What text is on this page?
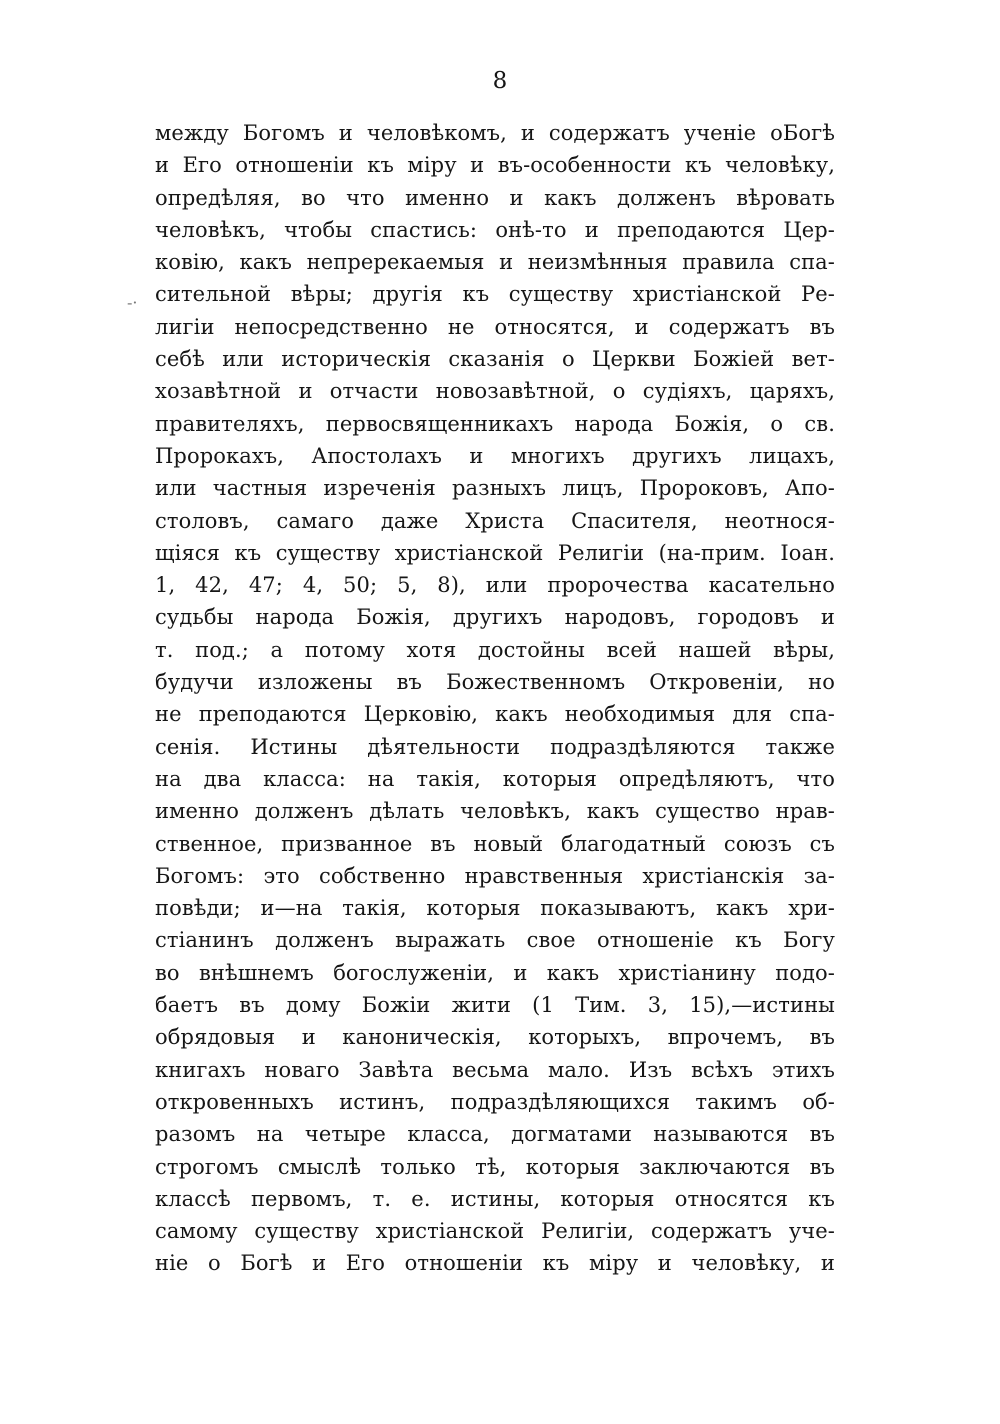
8
-·
между Богомъ и человѣкомъ, и содержатъ ученіе оБогѣ
и Его отношеніи къ міру и въ-особенности къ человѣку,
опредѣляя, во что именно и какъ долженъ вѣровать
человѣкъ, чтобы спастись: онѣ-то и преподаются Цер-
ковію, какъ непререкаемыя и неизмѣнныя правила спа-
сительной вѣры; другія къ существу христіанской Ре-
лигіи непосредственно не относятся, и содержатъ въ
себѣ или историческія сказанія о Церкви Божіей вет-
хозавѣтной и отчасти новозавѣтной, о судіяхъ, царяхъ,
правителяхъ, первосвященникахъ народа Божія, о св.
Пророкахъ, Апостолахъ и многихъ другихъ лицахъ,
или частныя изреченія разныхъ лицъ, Пророковъ, Апо-
столовъ, самаго даже Христа Спасителя, неотнося-
щіяся къ существу христіанской Религіи (на-прим. Іоан.
1, 42, 47; 4, 50; 5, 8), или пророчества касательно
судьбы народа Божія, другихъ народовъ, городовъ и
т. под.; а потому хотя достойны всей нашей вѣры,
будучи изложены въ Божественномъ Откровеніи, но
не преподаются Церковію, какъ необходимыя для спа-
сенія. Истины дѣятельности подраздѣляются также
на два класса: на такія, которыя опредѣляютъ, что
именно долженъ дѣлать человѣкъ, какъ существо нрав-
ственное, призванное въ новый благодатный союзъ съ
Богомъ: это собственно нравственныя христіанскія за-
повѣди; и—на такія, которыя показываютъ, какъ хри-
стіанинъ долженъ выражать свое отношеніе къ Богу
во внѣшнемъ богослуженіи, и какъ христіанину подо-
баетъ въ дому Божіи жити (1 Тим. 3, 15),—истины
обрядовыя и каноническія, которыхъ, впрочемъ, въ
книгахъ новаго Завѣта весьма мало. Изъ всѣхъ этихъ
откровенныхъ истинъ, подраздѣляющихся такимъ об-
разомъ на четыре класса, догматами называются въ
строгомъ смыслѣ только тѣ, которыя заключаются въ
классѣ первомъ, т. е. истины, которыя относятся къ
самому существу христіанской Религіи, содержатъ уче-
ніе о Богѣ и Его отношеніи къ міру и человѣку, и
